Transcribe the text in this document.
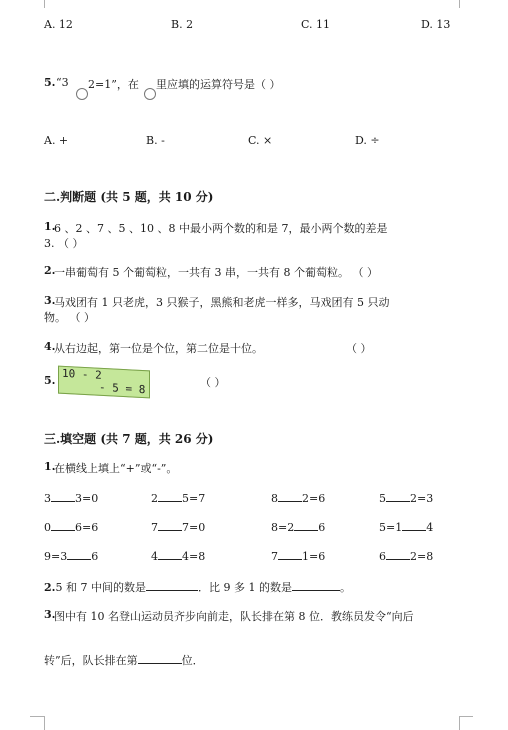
A. 12	B. 2	C. 11	D. 13
5. “3 2=1”，在 里应填的运算符号是（ ）
A. +	B. -	C. ×	D. ÷
二.判断题 (共 5 题，共 10 分)
1.
6 、2 、7 、5 、10 、8 中最小两个数的和是 7，最小两个数的差是
3. （ ）
2.
一串葡萄有 5 个葡萄粒，一共有 3 串，一共有 8 个葡萄粒。 （ ）
3.
马戏团有 1 只老虎，3 只猴子，黑熊和老虎一样多，马戏团有 5 只动
物。 （ ）
4.
从右边起，第一位是个位，第二位是十位。	（ ）
5. 10 - 2
- 5 = 8	（ ）
三.填空题 (共 7 题，共 26 分)
1.
在横线上填上“+”或“-”。
3 3=0	2 5=7	8 2=6	5 2=3
0 6=6	7 7=0	8=2 6	5=1 4
9=3 6	4 4=8	7 1=6	6 2=8
2.5 和 7 中间的数是	．比 9 多 1 的数是	。
3.
图中有 10 名登山运动员齐步向前走，队长排在第 8 位．教练员发令“向后
转”后，队长排在第	位．
